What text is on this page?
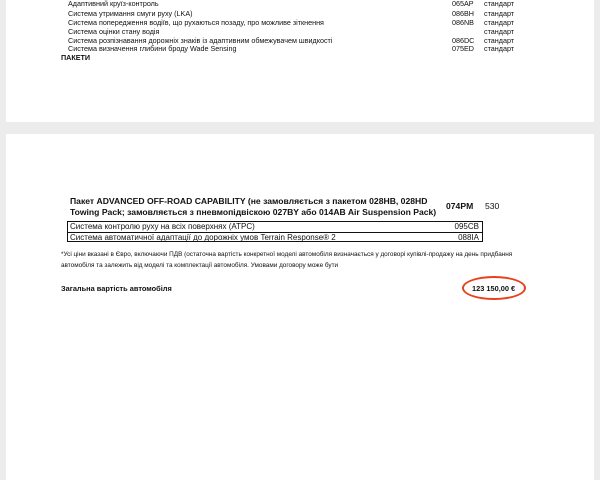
Адаптивний круїз-контроль	065AP стандарт
Система утримання смуги руху (LKA)	086BH стандарт
Система попередження водіїв, що рухаються позаду, про можливе зіткнення	086NB стандарт
Система оцінки стану водія	стандарт
Система розпізнавання дорожніх знаків із адаптивним обмежувачем швидкості	086DC стандарт
Система визначення глибини броду Wade Sensing	075ED стандарт
ПАКЕТИ
Пакет ADVANCED OFF-ROAD CAPABILITY (не замовляється з пакетом 028HB, 028HD Towing Pack; замовляється з пневмопідвіскою 027BY або 014AB Air Suspension Pack)
074PM 530
Система контролю руху на всіх поверхнях (ATPC)	095CB
Система автоматичної адаптації до дорожніх умов Terrain Response® 2	088IA
*Усі ціни вказані в Євро, включаючи ПДВ (остаточна вартість конкретної моделі автомобіля визначається у договорі купівлі-продажу на день придбання автомобіля та залежить від моделі та комплектації автомобіля. Умовами договору може бути
Загальна вартість автомобіля	123 150,00 €
